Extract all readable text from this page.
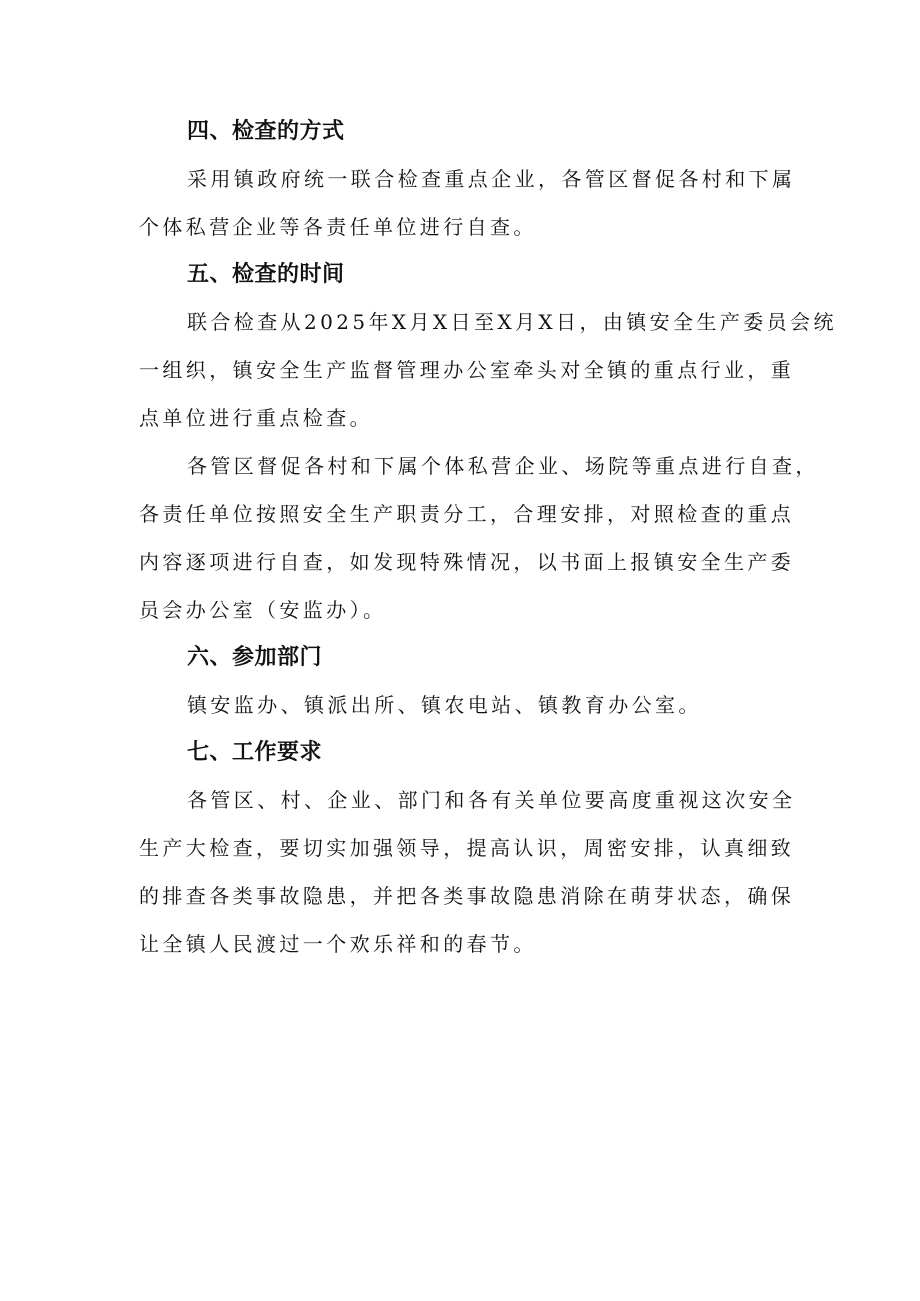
四、检查的方式

采用镇政府统一联合检查重点企业，各管区督促各村和下属
个体私营企业等各责任单位进行自查。

五、检查的时间

联合检查从2025年X月X日至X月X日，由镇安全生产委员会统
一组织，镇安全生产监督管理办公室牵头对全镇的重点行业，重
点单位进行重点检查。

各管区督促各村和下属个体私营企业、场院等重点进行自查，
各责任单位按照安全生产职责分工，合理安排，对照检查的重点
内容逐项进行自查，如发现特殊情况，以书面上报镇安全生产委
员会办公室（安监办）。

六、参加部门

镇安监办、镇派出所、镇农电站、镇教育办公室。

七、工作要求

各管区、村、企业、部门和各有关单位要高度重视这次安全
生产大检查，要切实加强领导，提高认识，周密安排，认真细致
的排查各类事故隐患，并把各类事故隐患消除在萌芽状态，确保
让全镇人民渡过一个欢乐祥和的春节。
